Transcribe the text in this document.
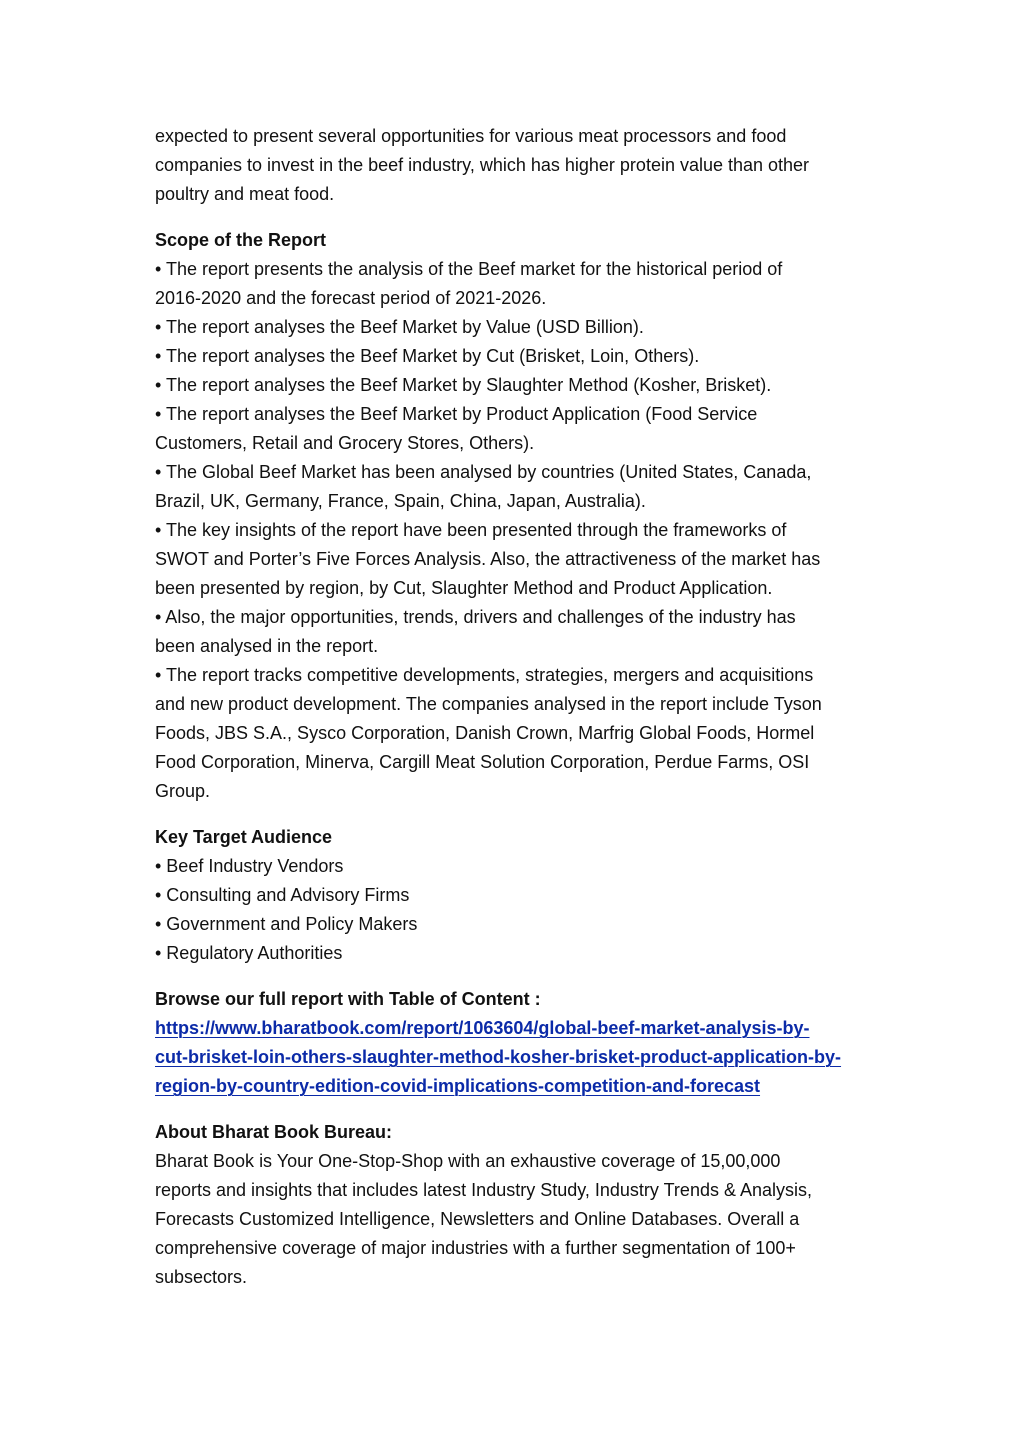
expected to present several opportunities for various meat processors and food
companies to invest in the beef industry, which has higher protein value than other
poultry and meat food.
Scope of the Report
• The report presents the analysis of the Beef market for the historical period of
2016-2020 and the forecast period of 2021-2026.
• The report analyses the Beef Market by Value (USD Billion).
• The report analyses the Beef Market by Cut (Brisket, Loin, Others).
• The report analyses the Beef Market by Slaughter Method (Kosher, Brisket).
• The report analyses the Beef Market by Product Application (Food Service
Customers, Retail and Grocery Stores, Others).
• The Global Beef Market has been analysed by countries (United States, Canada,
Brazil, UK, Germany, France, Spain, China, Japan, Australia).
• The key insights of the report have been presented through the frameworks of
SWOT and Porter’s Five Forces Analysis. Also, the attractiveness of the market has
been presented by region, by Cut, Slaughter Method and Product Application.
• Also, the major opportunities, trends, drivers and challenges of the industry has
been analysed in the report.
• The report tracks competitive developments, strategies, mergers and acquisitions
and new product development. The companies analysed in the report include Tyson
Foods, JBS S.A., Sysco Corporation, Danish Crown, Marfrig Global Foods, Hormel
Food Corporation, Minerva, Cargill Meat Solution Corporation, Perdue Farms, OSI
Group.
Key Target Audience
• Beef Industry Vendors
• Consulting and Advisory Firms
• Government and Policy Makers
• Regulatory Authorities
Browse our full report with Table of Content :
https://www.bharatbook.com/report/1063604/global-beef-market-analysis-by-
cut-brisket-loin-others-slaughter-method-kosher-brisket-product-application-by-
region-by-country-edition-covid-implications-competition-and-forecast
About Bharat Book Bureau:
Bharat Book is Your One-Stop-Shop with an exhaustive coverage of 15,00,000
reports and insights that includes latest Industry Study, Industry Trends & Analysis,
Forecasts Customized Intelligence, Newsletters and Online Databases. Overall a
comprehensive coverage of major industries with a further segmentation of 100+
subsectors.
